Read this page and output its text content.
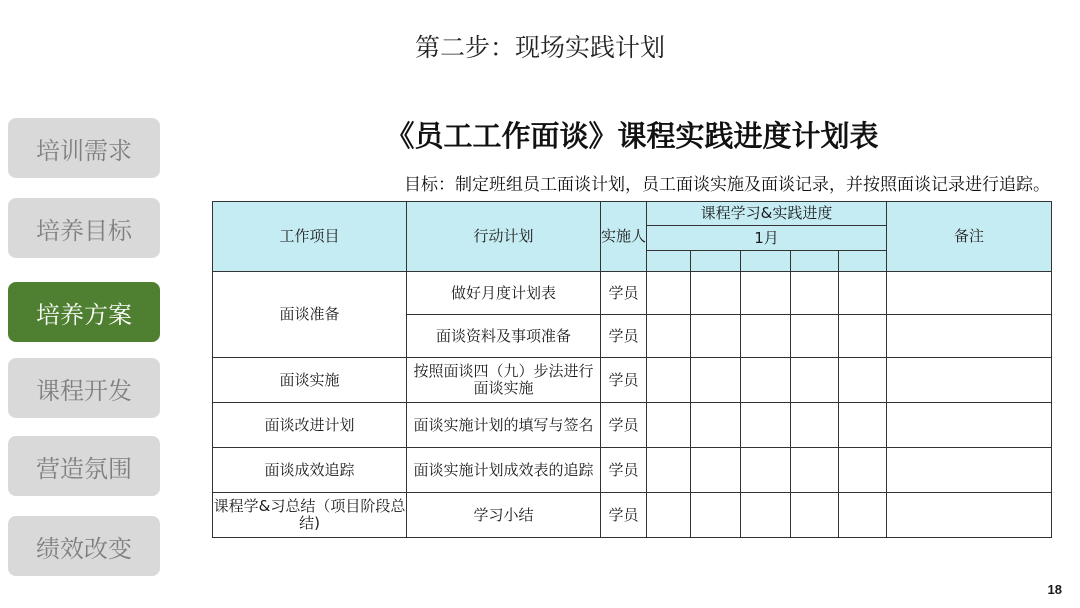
第二步：现场实践计划
培训需求
培养目标
培养方案
课程开发
营造氛围
绩效改变
《员工工作面谈》课程实践进度计划表
目标：制定班组员工面谈计划，员工面谈实施及面谈记录，并按照面谈记录进行追踪。
工作项目	行动计划	实施人	课程学习&实践进度					备注
			1月					

面谈准备	做好月度计划表	学员						
	面谈资料及事项准备	学员						
面谈实施	按照面谈四（九）步法进行面谈实施	学员						
面谈改进计划	面谈实施计划的填写与签名	学员						
面谈成效追踪	面谈实施计划成效表的追踪	学员						
课程学&习总结（项目阶段总结)	学习小结	学员						
18
